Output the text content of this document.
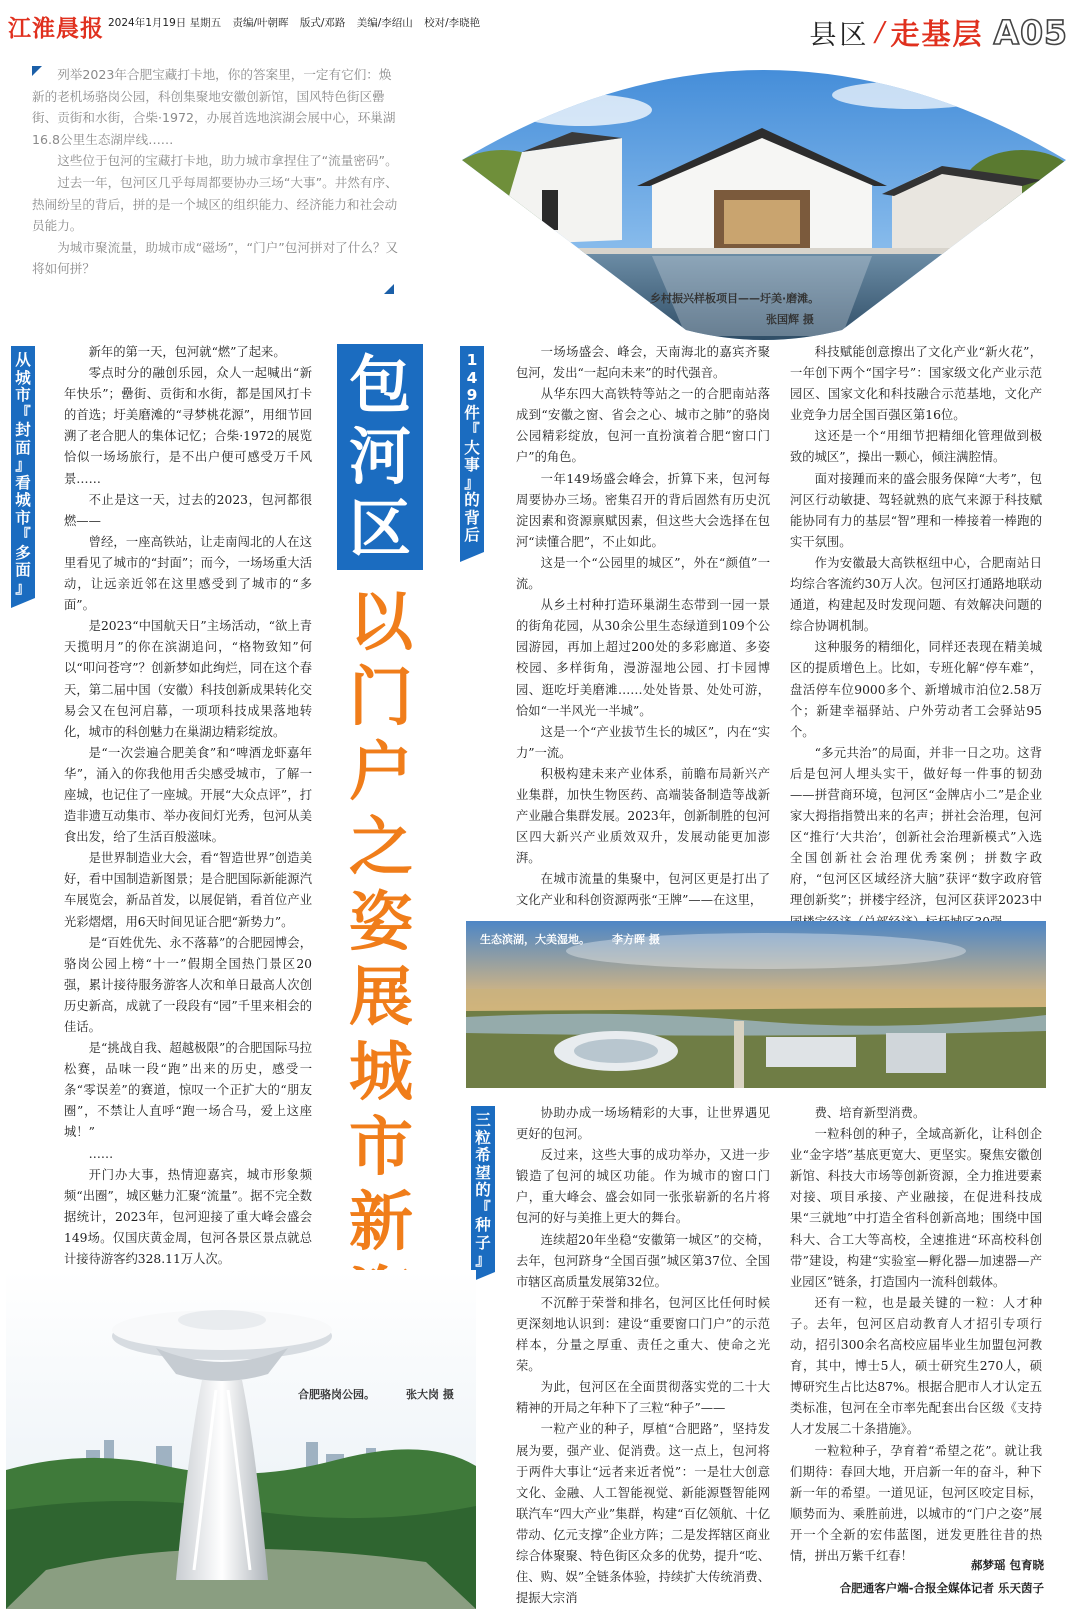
江淮晨报 2024年1月19日 星期五 责编/叶朝晖 版式/邓路 美编/李绍山 校对/李晓艳	县区 / 走基层 A05

列举2023年合肥宝藏打卡地，你的答案里，一定有它们：焕新的老机场骆岗公园，科创集聚地安徽创新馆，国风特色街区罍街、贡街和水街，合柴·1972，办展首选地滨湖会展中心，环巢湖16.8公里生态湖岸线……

这些位于包河的宝藏打卡地，助力城市拿捏住了“流量密码”。

过去一年，包河区几乎每周都要协办三场“大事”。井然有序、热闹纷呈的背后，拼的是一个城区的组织能力、经济能力和社会动员能力。

为城市聚流量，助城市成“磁场”，“门户”包河拼对了什么？又将如何拼？

乡村振兴样板项目——圩美·磨滩。
张国辉 摄
包
河
区
以
门
户
之
姿
展
城
市
新
从
城
市
『
封
面
』
看
城
市
『
多
面
』
1
4
9
件
『
大
事
』
的
背
后
三
粒
希
望
的
『
种
子
』

新年的第一天，包河就“燃”了起来。

零点时分的融创乐园，众人一起喊出“新年快乐”；罍街、贡街和水街，都是国风打卡的首选；圩美磨滩的“寻梦桃花源”，用细节回溯了老合肥人的集体记忆；合柴·1972的展览恰似一场场旅行，是不出户便可感受万千风景……

不止是这一天，过去的2023，包河都很燃——

曾经，一座高铁站，让走南闯北的人在这里看见了城市的“封面”；而今，一场场重大活动，让远亲近邻在这里感受到了城市的“多面”。

是2023“中国航天日”主场活动，“欲上青天揽明月”的你在滨湖追问，“格物致知”何以“叩问苍穹”？创新梦如此绚烂，同在这个春天，第二届中国（安徽）科技创新成果转化交易会又在包河启幕，一项项科技成果落地转化，城市的科创魅力在巢湖边精彩绽放。

是“一次尝遍合肥美食”和“啤酒龙虾嘉年华”，涌入的你我他用舌尖感受城市，了解一座城，也记住了一座城。开展“大众点评”，打造非遗互动集市、举办夜间灯光秀，包河从美食出发，给了生活百般滋味。

是世界制造业大会，看“智造世界”创造美好，看中国制造新图景；是合肥国际新能源汽车展览会，新品首发，以展促销，看首位产业光彩熠熠，用6天时间见证合肥“新势力”。

是“百姓优先、永不落幕”的合肥园博会，骆岗公园上榜“十一”假期全国热门景区20强，累计接待服务游客人次和单日最高人次创历史新高，成就了一段段有“园”千里来相会的佳话。

是“挑战自我、超越极限”的合肥国际马拉松赛，品味一段“跑”出来的历史，感受一条“零误差”的赛道，惊叹一个正扩大的“朋友圈”，不禁让人直呼“跑一场合马，爱上这座城！”

……

开门办大事，热情迎嘉宾，城市形象频频“出圈”，城区魅力汇聚“流量”。据不完全数据统计，2023年，包河迎接了重大峰会盛会149场。仅国庆黄金周，包河各景区景点就总计接待游客约328.11万人次。

一场场盛会、峰会，天南海北的嘉宾齐聚包河，发出“一起向未来”的时代强音。

从华东四大高铁特等站之一的合肥南站落成到“安徽之窗、省会之心、城市之肺”的骆岗公园精彩绽放，包河一直扮演着合肥“窗口门户”的角色。

一年149场盛会峰会，折算下来，包河每周要协办三场。密集召开的背后固然有历史沉淀因素和资源禀赋因素，但这些大会选择在包河“读懂合肥”，不止如此。

这是一个“公园里的城区”，外在“颜值”一流。

从乡土村种打造环巢湖生态带到一园一景的街角花园，从30余公里生态绿道到109个公园游园，再加上超过200处的多彩廊道、多姿校园、多样街角，漫游湿地公园、打卡园博园、逛吃圩美磨滩……处处皆景、处处可游，恰如“一半风光一半城”。

这是一个“产业拔节生长的城区”，内在“实力”一流。

积极构建未来产业体系，前瞻布局新兴产业集群，加快生物医药、高端装备制造等战新产业融合集群发展。2023年，创新制胜的包河区四大新兴产业质效双升，发展动能更加澎湃。

在城市流量的集聚中，包河区更是打出了文化产业和科创资源两张“王牌”——在这里，

科技赋能创意擦出了文化产业“新火花”，一年创下两个“国字号”：国家级文化产业示范园区、国家文化和科技融合示范基地，文化产业竞争力居全国百强区第16位。

这还是一个“用细节把精细化管理做到极致的城区”，操出一颗心，倾注满腔情。

面对接踵而来的盛会服务保障“大考”，包河区行动敏捷、驾轻就熟的底气来源于科技赋能协同有力的基层“智”理和一棒接着一棒跑的实干氛围。

作为安徽最大高铁枢纽中心，合肥南站日均综合客流约30万人次。包河区打通路地联动通道，构建起及时发现问题、有效解决问题的综合协调机制。

这种服务的精细化，同样还表现在精美城区的提质增色上。比如，专班化解“停车难”，盘活停车位9000多个、新增城市泊位2.58万个；新建幸福驿站、户外劳动者工会驿站95个。

“多元共治”的局面，并非一日之功。这背后是包河人埋头实干，做好每一件事的韧劲——拼营商环境，包河区“金牌店小二”是企业家大拇指指赞出来的名声；拼社会治理，包河区“推行‘大共治’，创新社会治理新模式”入选全国创新社会治理优秀案例；拼数字政府，“包河区区域经济大脑”获评“数字政府管理创新奖”；拼楼宇经济，包河区获评2023中

生态滨湖，大美湿地。 李方晖 摄

协助办成一场场精彩的大事，让世界遇见更好的包河。

反过来，这些大事的成功举办，又进一步锻造了包河的城区功能。作为城市的窗口门户，重大峰会、盛会如同一张张崭新的名片将包河的好与美推上更大的舞台。

连续超20年坐稳“安徽第一城区”的交椅，去年，包河跻身“全国百强”城区第37位、全国市辖区高质量发展第32位。

不沉醉于荣誉和排名，包河区比任何时候更深刻地认识到：建设“重要窗口门户”的示范样本，分量之厚重、责任之重大、使命之光荣。

为此，包河区在全面贯彻落实党的二十大精神的开局之年种下了三粒“种子”——

一粒产业的种子，厚植“合肥路”，坚持发展为要，强产业、促消费。这一点上，包河将于两件大事让“远者来近者悦”：一是壮大创意文化、金融、人工智能视觉、新能源暨智能网联汽车“四大产业”集群，构建“百亿领航、十亿带动、亿元支撑”企业方阵；二是发挥辖区商业综合体聚聚、特色街区众多的优势，提升“吃、住、购、娱”全链条体验，持续扩大传统消费、提振大宗消

费、培育新型消费。

一粒科创的种子，全域高新化，让科创企业“金字塔”基底更宽大、更坚实。聚焦安徽创新馆、科技大市场等创新资源，全力推进要素对接、项目承接、产业融接，在促进科技成果“三就地”中打造全省科创新高地；围绕中国科大、合工大等高校，全速推进“环高校科创带”建设，构建“实验室—孵化器—加速器—产业园区”链条，打造国内一流科创载体。

还有一粒，也是最关键的一粒：人才种子。去年，包河区启动教育人才招引专项行动，招引300余名高校应届毕业生加盟包河教育，其中，博士5人，硕士研究生270人，硕博研究生占比达87%。根据合肥市人才认定五类标准，包河在全市率先配套出台区级《支持人才发展二十条措施》。

一粒粒种子，孕育着“希望之花”。就让我们期待：春回大地，开启新一年的奋斗，种下新一年的希望。一道见证，包河区咬定目标，顺势而为、乘胜前进，以城市的“门户之姿”展开一个全新的宏伟蓝图，迸发更胜往昔的热情，拼出万紫千红春！

郝梦瑶 包育晓
合肥通客户端-合报全媒体记者 乐天茵子
合肥骆岗公园。	张大岗 摄
